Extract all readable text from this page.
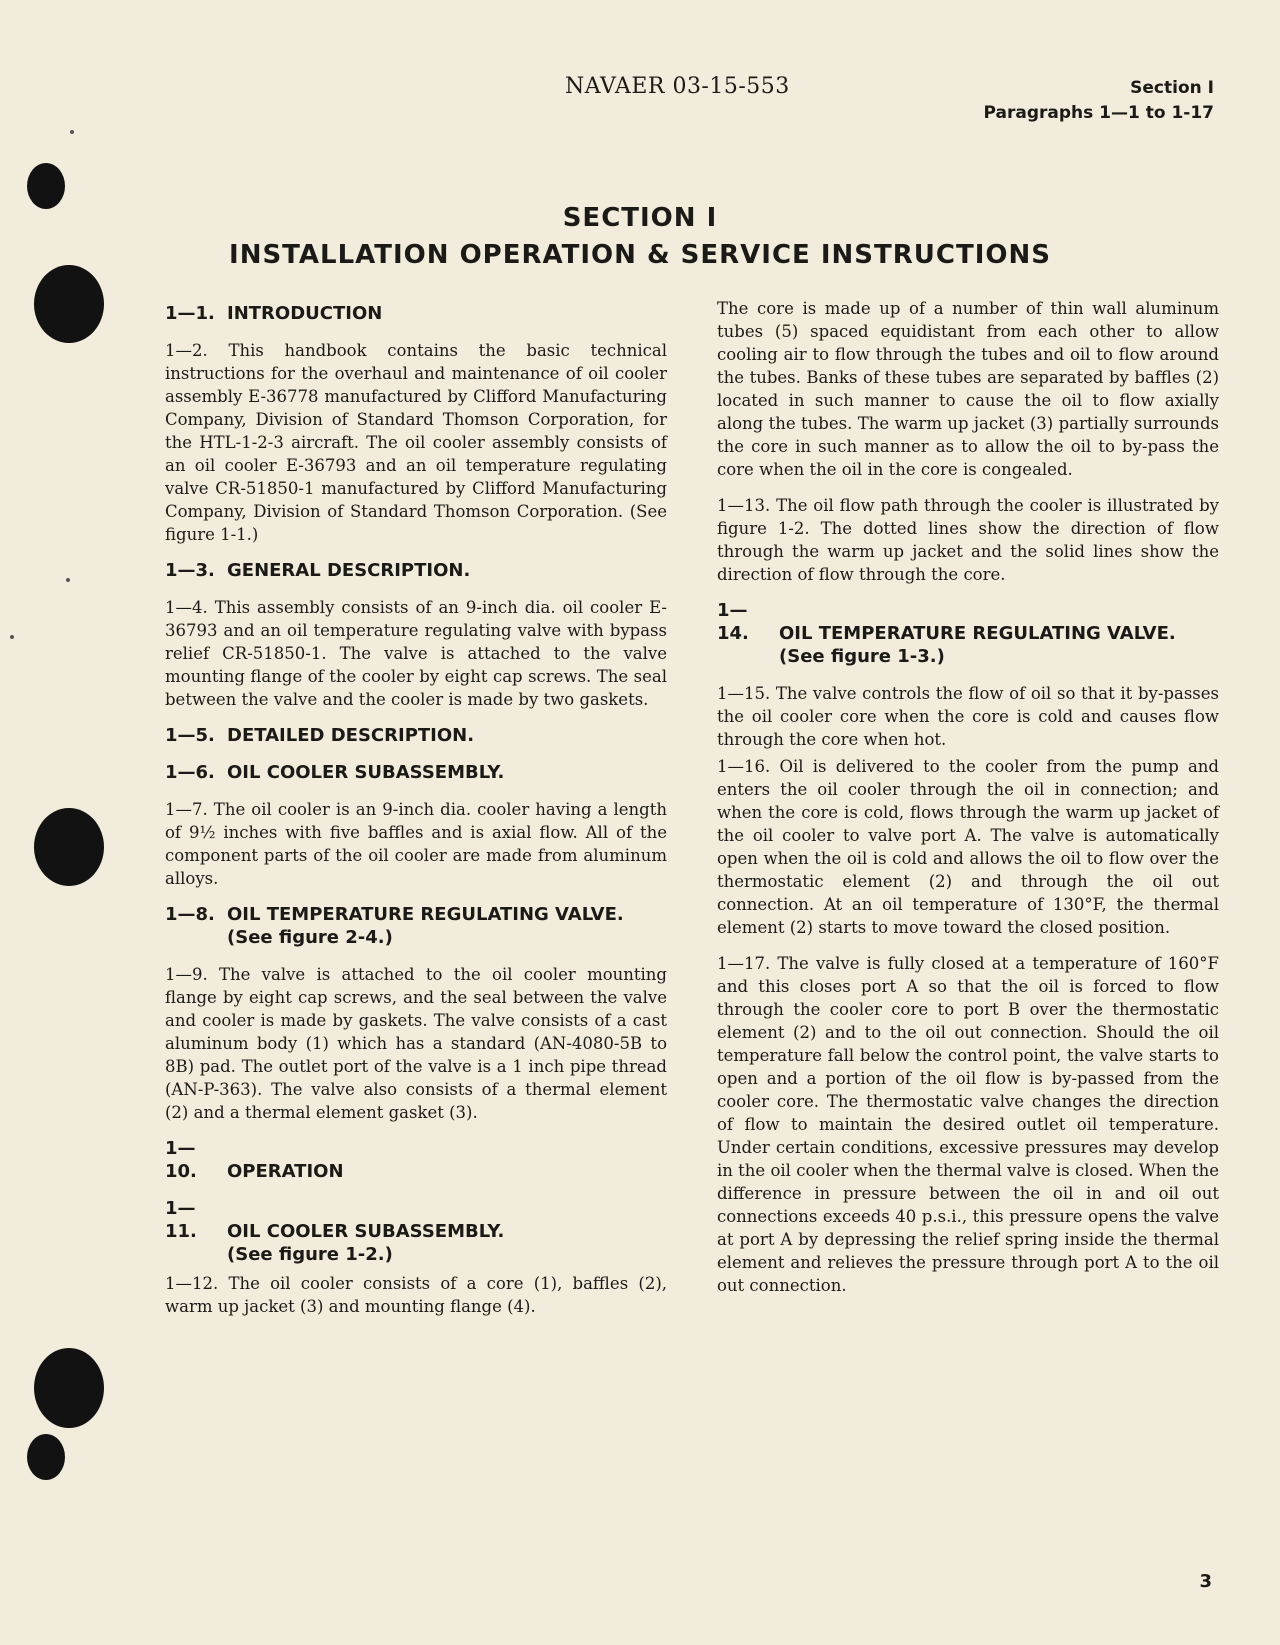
NAVAER 03-15-553	Section I
Paragraphs 1—1 to 1-17
SECTION I
INSTALLATION OPERATION & SERVICE INSTRUCTIONS
1—1. INTRODUCTION

1—2. This handbook contains the basic technical instructions for the overhaul and maintenance of oil cooler assembly E-36778 manufactured by Clifford Manufacturing Company, Division of Standard Thomson Corporation, for the HTL-1-2-3 aircraft. The oil cooler assembly consists of an oil cooler E-36793 and an oil temperature regulating valve CR-51850-1 manufactured by Clifford Manufacturing Company, Division of Standard Thomson Corporation. (See figure 1-1.)

1—3. GENERAL DESCRIPTION.

1—4. This assembly consists of an 9-inch dia. oil cooler E-36793 and an oil temperature regulating valve with bypass relief CR-51850-1. The valve is attached to the valve mounting flange of the cooler by eight cap screws. The seal between the valve and the cooler is made by two gaskets.

1—5. DETAILED DESCRIPTION.
1—6. OIL COOLER SUBASSEMBLY.

1—7. The oil cooler is an 9-inch dia. cooler having a length of 9½ inches with five baffles and is axial flow. All of the component parts of the oil cooler are made from aluminum alloys.

1—8. OIL TEMPERATURE REGULATING VALVE.
(See figure 2-4.)

1—9. The valve is attached to the oil cooler mounting flange by eight cap screws, and the seal between the valve and cooler is made by gaskets. The valve consists of a cast aluminum body (1) which has a standard (AN-4080-5B to 8B) pad. The outlet port of the valve is a 1 inch pipe thread (AN-P-363). The valve also consists of a thermal element (2) and a thermal element gasket (3).

1—10. OPERATION
1—11. OIL COOLER SUBASSEMBLY.
(See figure 1-2.)

1—12. The oil cooler consists of a core (1), baffles (2), warm up jacket (3) and mounting flange (4).

The core is made up of a number of thin wall aluminum tubes (5) spaced equidistant from each other to allow cooling air to flow through the tubes and oil to flow around the tubes. Banks of these tubes are separated by baffles (2) located in such manner to cause the oil to flow axially along the tubes. The warm up jacket (3) partially surrounds the core in such manner as to allow the oil to by-pass the core when the oil in the core is congealed.

1—13. The oil flow path through the cooler is illustrated by figure 1-2. The dotted lines show the direction of flow through the warm up jacket and the solid lines show the direction of flow through the core.

1—14. OIL TEMPERATURE REGULATING VALVE.
(See figure 1-3.)

1—15. The valve controls the flow of oil so that it by-passes the oil cooler core when the core is cold and causes flow through the core when hot.

1—16. Oil is delivered to the cooler from the pump and enters the oil cooler through the oil in connection; and when the core is cold, flows through the warm up jacket of the oil cooler to valve port A. The valve is automatically open when the oil is cold and allows the oil to flow over the thermostatic element (2) and through the oil out connection. At an oil temperature of 130°F, the thermal element (2) starts to move toward the closed position.

1—17. The valve is fully closed at a temperature of 160°F and this closes port A so that the oil is forced to flow through the cooler core to port B over the thermostatic element (2) and to the oil out connection. Should the oil temperature fall below the control point, the valve starts to open and a portion of the oil flow is by-passed from the cooler core. The thermostatic valve changes the direction of flow to maintain the desired outlet oil temperature. Under certain conditions, excessive pressures may develop in the oil cooler when the thermal valve is closed. When the difference in pressure between the oil in and oil out connections exceeds 40 p.s.i., this pressure opens the valve at port A by depressing the relief spring inside the thermal element and relieves the pressure through port A to the oil out connection.

3
